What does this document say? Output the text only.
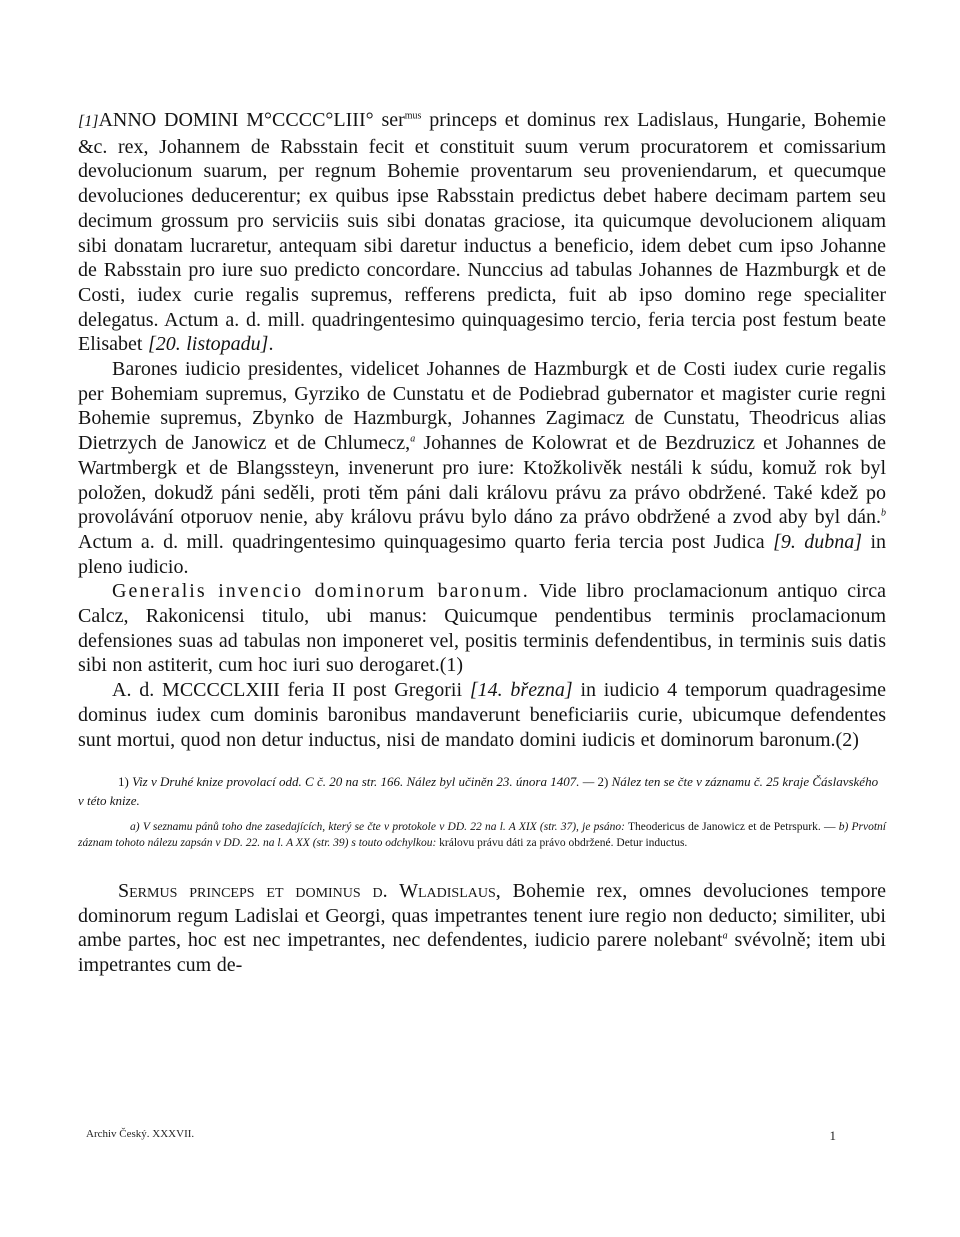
[1]ANNO DOMINI M°CCCC°LIII° ser$^{mus}$ princeps et dominus rex Ladislaus, Hungarie, Bohemie &c. rex, Johannem de Rabsstain fecit et constituit suum verum procuratorem et comissarium devolucionum suarum, per regnum Bohemie proventarum seu proveniendarum, et quecumque devoluciones deducerentur; ex quibus ipse Rabsstain predictus debet habere decimam partem seu decimum grossum pro serviciis suis sibi donatas graciose, ita quicumque devolucionem aliquam sibi donatam lucraretur, antequam sibi daretur inductus a beneficio, idem debet cum ipso Johanne de Rabsstain pro iure suo predicto concordare. Nunccius ad tabulas Johannes de Hazmburgk et de Costi, iudex curie regalis supremus, refferens predicta, fuit ab ipso domino rege specialiter delegatus. Actum a. d. mill. quadringentesimo quinquagesimo tercio, feria tercia post festum beate Elisabet [20. listopadu].

Barones iudicio presidentes, videlicet Johannes de Hazmburgk et de Costi iudex curie regalis per Bohemiam supremus, Gyrziko de Cunstatu et de Podiebrad gubernator et magister curie regni Bohemie supremus, Zbynko de Hazmburgk, Johannes Zagimacz de Cunstatu, Theodricus alias Dietrzych de Janowicz et de Chlumecz,$^a$ Johannes de Kolowrat et de Bezdruzicz et Johannes de Wartmbergk et de Blangssteyn, invenerunt pro iure: Ktožkolivěk nestáli k súdu, komuž rok byl položen, dokudž páni seděli, proti těm páni dali královu právu za právo obdržené. Také kdež po provolávání otporuov nenie, aby královu právu bylo dáno za právo obdržené a zvod aby byl dán.$^b$ Actum a. d. mill. quadringentesimo quinquagesimo quarto feria tercia post Judica [9. dubna] in pleno iudicio.

Generalis invencio dominorum baronum. Vide libro proclamacionum antiquo circa Calcz, Rakonicensi titulo, ubi manus: Quicumque pendentibus terminis proclamacionum defensiones suas ad tabulas non imponeret vel, positis terminis defendentibus, in terminis suis datis sibi non astiterit, cum hoc iuri suo derogaret.(1)

A. d. MCCCCLXIII feria II post Gregorii [14. března] in iudicio 4 temporum quadragesime dominus iudex cum dominis baronibus mandaverunt beneficiariis curie, ubicumque defendentes sunt mortui, quod non detur inductus, nisi de mandato domini iudicis et dominorum baronum.(2)

1) Viz v Druhé knize provolací odd. C č. 20 na str. 166. Nález byl učiněn 23. února 1407. — 2) Nález ten se čte v záznamu č. 25 kraje Čáslavského v této knize.
a) V seznamu pánů toho dne zasedajících, který se čte v protokole v DD. 22 na l. A XIX (str. 37), je psáno: Theodericus de Janowicz et de Petrspurk. — b) Prvotní záznam tohoto nálezu zapsán v DD. 22. na l. A XX (str. 39) s touto odchylkou: královu právu dáti za právo obdržené. Detur inductus.

Sermus princeps et dominus d. Wladislaus, Bohemie rex, omnes devoluciones tempore dominorum regum Ladislai et Georgi, quas impetrantes tenent iure regio non deducto; similiter, ubi ambe partes, hoc est nec impetrantes, nec defendentes, iudicio parere nolebant$^a$ svévolně; item ubi impetrantes cum de-

Archiv Český. XXXVII.	1
